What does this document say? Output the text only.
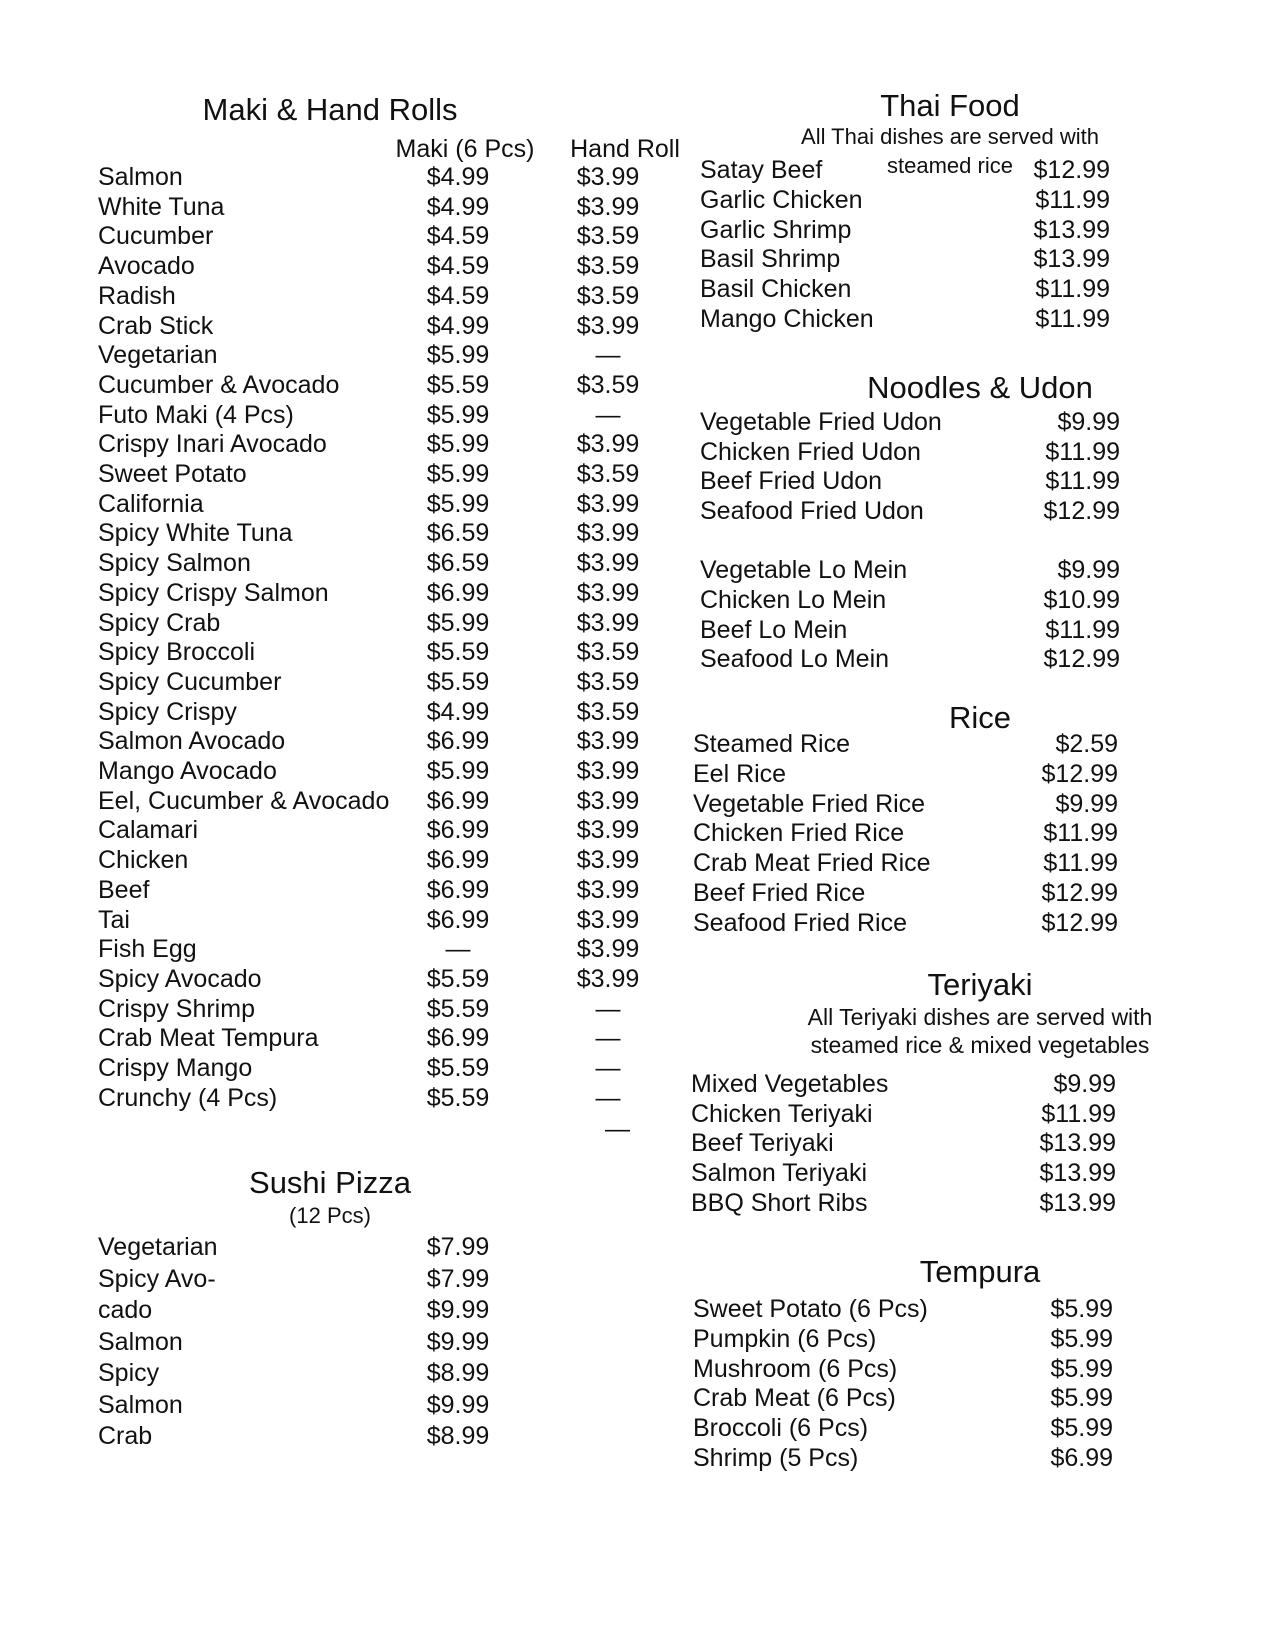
Maki & Hand Rolls
Maki (6 Pcs)	Hand Roll
Salmon	$4.99	$3.99
White Tuna	$4.99	$3.99
Cucumber	$4.59	$3.59
Avocado	$4.59	$3.59
Radish	$4.59	$3.59
Crab Stick	$4.99	$3.99
Vegetarian	$5.99	—
Cucumber & Avocado	$5.59	$3.59
Futo Maki (4 Pcs)	$5.99	—
Crispy Inari Avocado	$5.99	$3.99
Sweet Potato	$5.99	$3.59
California	$5.99	$3.99
Spicy White Tuna	$6.59	$3.99
Spicy Salmon	$6.59	$3.99
Spicy Crispy Salmon	$6.99	$3.99
Spicy Crab	$5.99	$3.99
Spicy Broccoli	$5.59	$3.59
Spicy Cucumber	$5.59	$3.59
Spicy Crispy	$4.99	$3.59
Salmon Avocado	$6.99	$3.99
Mango Avocado	$5.99	$3.99
Eel, Cucumber & Avocado	$6.99	$3.99
Calamari	$6.99	$3.99
Chicken	$6.99	$3.99
Beef	$6.99	$3.99
Tai	$6.99	$3.99
Fish Egg	—	$3.99
Spicy Avocado	$5.59	$3.99
Crispy Shrimp	$5.59	—
Crab Meat Tempura	$6.99	—
Crispy Mango	$5.59	—
Crunchy (4 Pcs)	$5.59	—
—
Sushi Pizza
(12 Pcs)
Vegetarian	$7.99
Spicy Avo-	$7.99
cado	$9.99
Salmon	$9.99
Spicy	$8.99
Salmon	$9.99
Crab	$8.99
Thai Food
All Thai dishes are served with steamed rice
Satay Beef	$12.99
Garlic Chicken	$11.99
Garlic Shrimp	$13.99
Basil Shrimp	$13.99
Basil Chicken	$11.99
Mango Chicken	$11.99
Noodles & Udon
Vegetable Fried Udon	$9.99
Chicken Fried Udon	$11.99
Beef Fried Udon	$11.99
Seafood Fried Udon	$12.99
Vegetable Lo Mein	$9.99
Chicken Lo Mein	$10.99
Beef Lo Mein	$11.99
Seafood Lo Mein	$12.99
Rice
Steamed Rice	$2.59
Eel Rice	$12.99
Vegetable Fried Rice	$9.99
Chicken Fried Rice	$11.99
Crab Meat Fried Rice	$11.99
Beef Fried Rice	$12.99
Seafood Fried Rice	$12.99
Teriyaki
All Teriyaki dishes are served with
steamed rice & mixed vegetables
Mixed Vegetables	$9.99
Chicken Teriyaki	$11.99
Beef Teriyaki	$13.99
Salmon Teriyaki	$13.99
BBQ Short Ribs	$13.99
Tempura
Sweet Potato (6 Pcs)	$5.99
Pumpkin (6 Pcs)	$5.99
Mushroom (6 Pcs)	$5.99
Crab Meat (6 Pcs)	$5.99
Broccoli (6 Pcs)	$5.99
Shrimp (5 Pcs)	$6.99
